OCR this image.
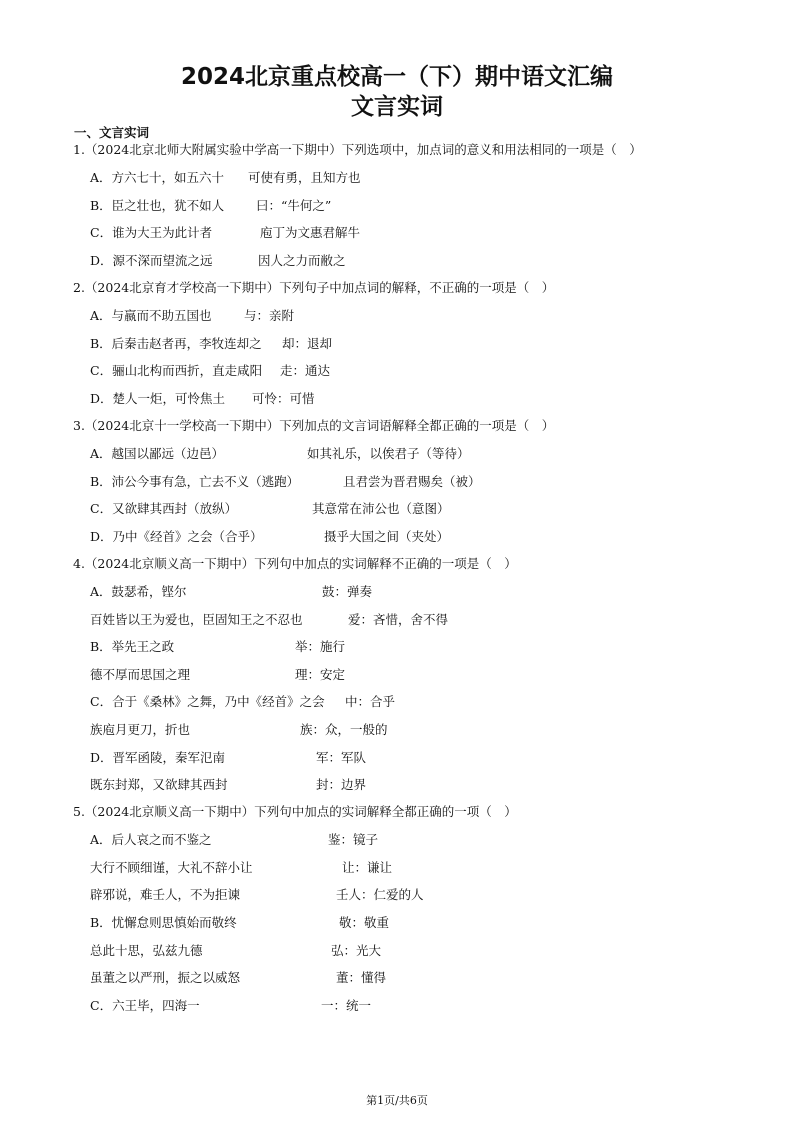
2024北京重点校高一（下）期中语文汇编
文言实词

一、文言实词

1.（2024北京北师大附属实验中学高一下期中）下列选项中，加点词的意义和用法相同的一项是（　）

A．方六七十，如五六十 可使有勇，且知方也

B．臣之壮也，犹不如人	曰：“牛何之”

C．谁为大王为此计者	庖丁为文惠君解牛

D．源不深而望流之远	因人之力而敝之

2.（2024北京育才学校高一下期中）下列句子中加点词的解释，不正确的一项是（　）

A．与嬴而不助五国也	与：亲附

B．后秦击赵者再，李牧连却之 却：退却

C．骊山北构而西折，直走咸阳 走：通达

D．楚人一炬，可怜焦土 可怜：可惜

3.（2024北京十一学校高一下期中）下列加点的文言词语解释全都正确的一项是（　）

A．越国以鄙远（边邑）	如其礼乐，以俟君子（等待）

B．沛公今事有急，亡去不义（逃跑）	且君尝为晋君赐矣（被）

C．又欲肆其西封（放纵）	其意常在沛公也（意图）

D．乃中《经首》之会（合乎）	摄乎大国之间（夹处）

4.（2024北京顺义高一下期中）下列句中加点的实词解释不正确的一项是（　）

A．鼓瑟希，铿尔	鼓：弹奏

百姓皆以王为爱也，臣固知王之不忍也	爱：吝惜，舍不得

B．举先王之政	举：施行

德不厚而思国之理	理：安定

C．合于《桑林》之舞，乃中《经首》之会 中：合乎

族庖月更刀，折也	族：众，一般的

D．晋军函陵，秦军氾南	军：军队

既东封郑，又欲肆其西封	封：边界

5.（2024北京顺义高一下期中）下列句中加点的实词解释全都正确的一项（　）

A．后人哀之而不鉴之	鉴：镜子

大行不顾细谨，大礼不辞小让	让：谦让

辟邪说，难壬人，不为拒谏	壬人：仁爱的人

B．忧懈怠则思慎始而敬终	敬：敬重

总此十思，弘兹九德	弘：光大

虽董之以严刑，振之以威怒	董：懂得

C．六王毕，四海一	一：统一

第1页/共6页
